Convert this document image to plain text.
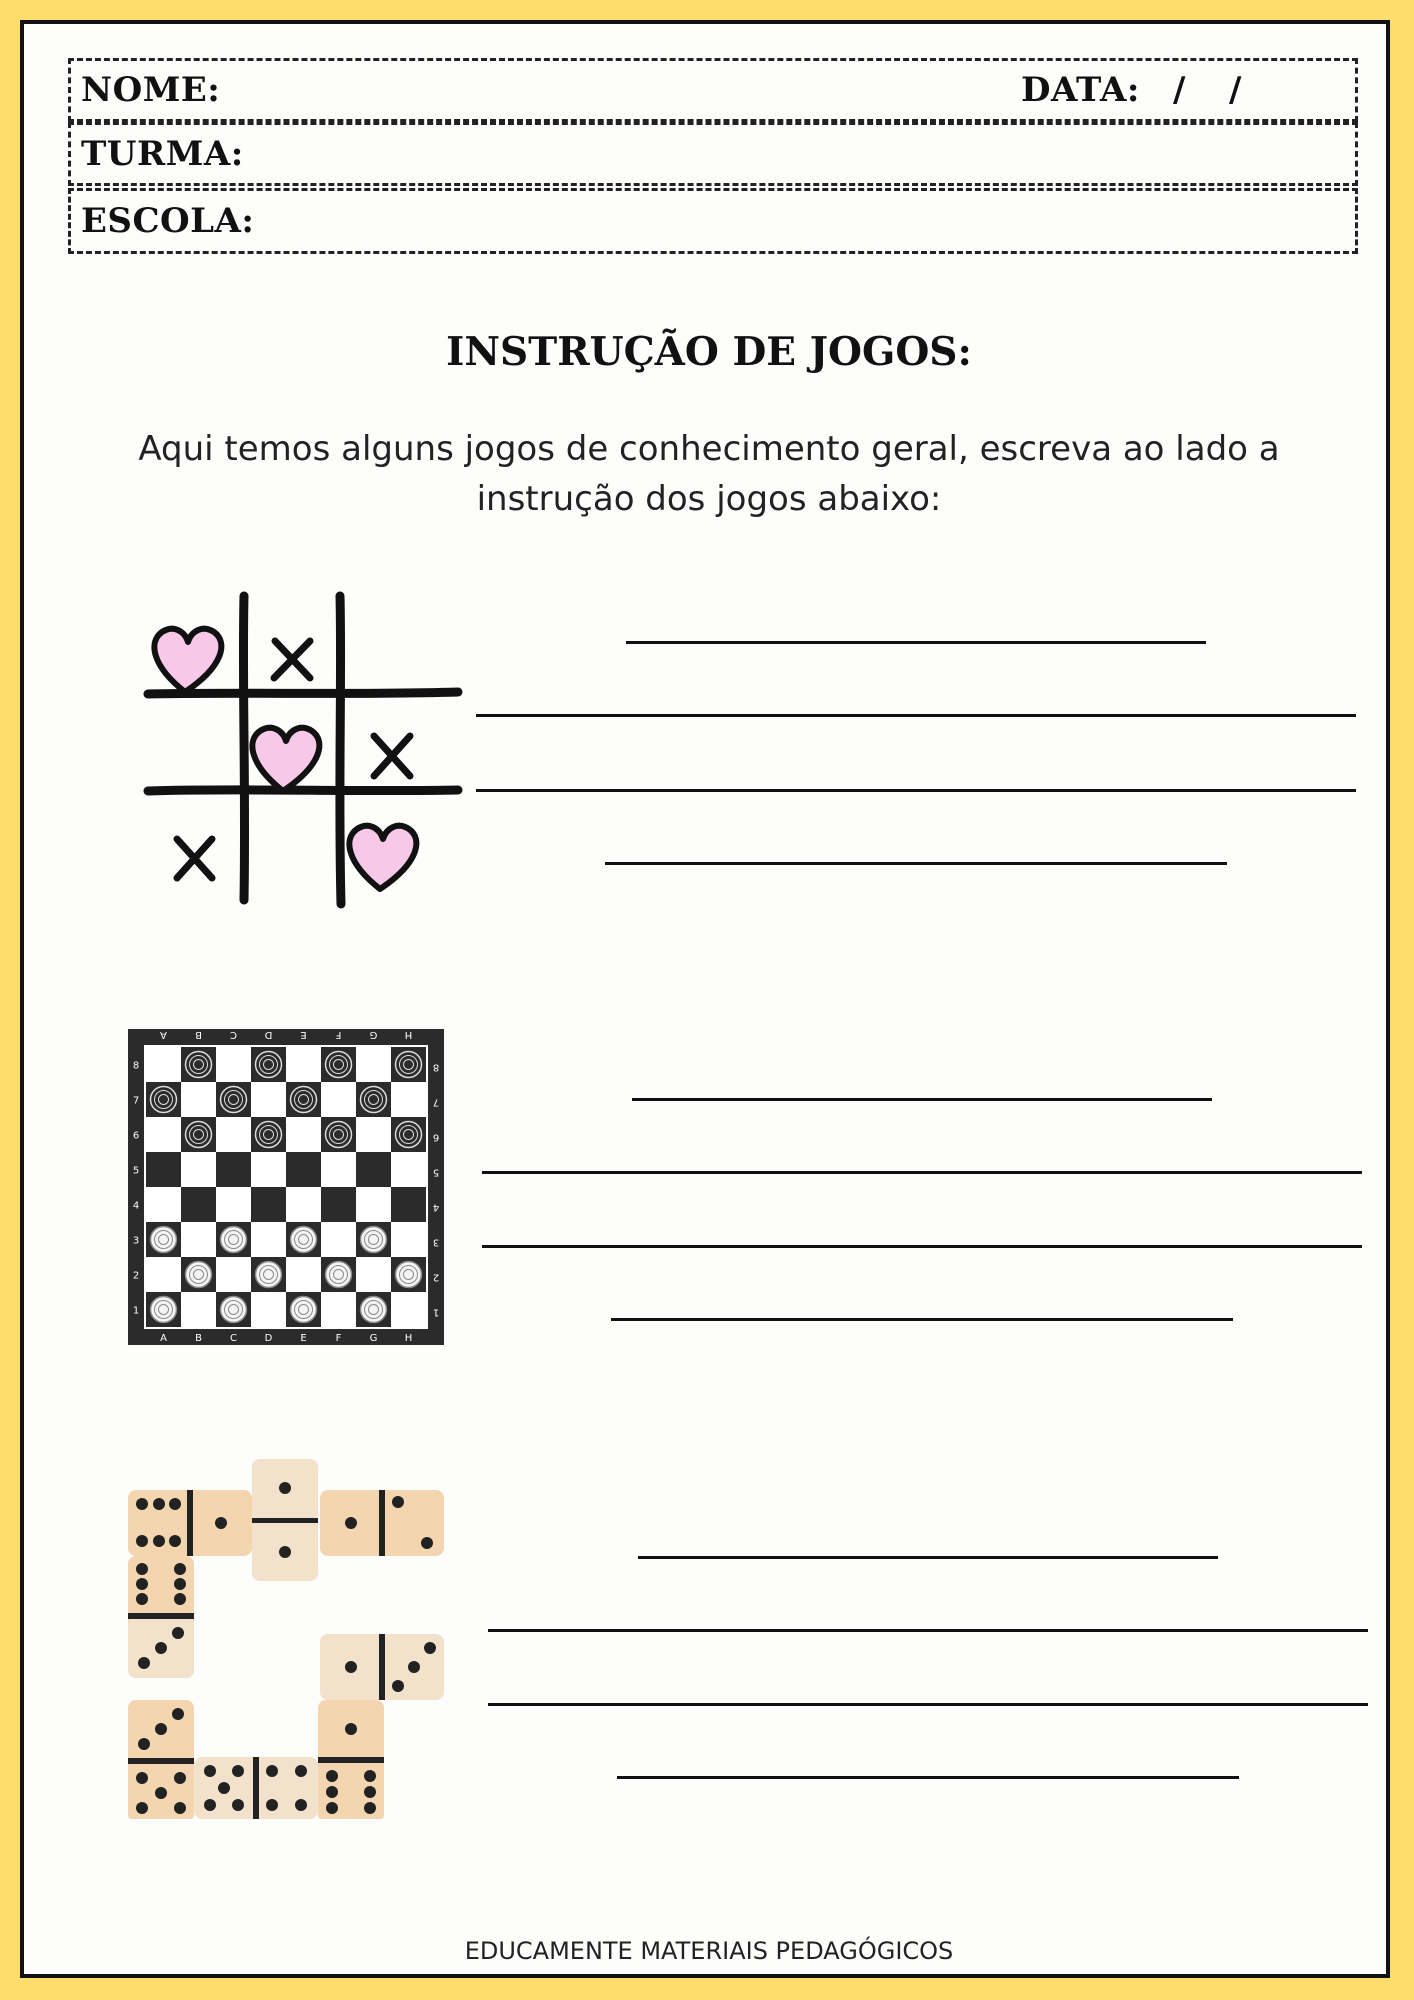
NOME:	DATA: / /
TURMA:
ESCOLA:
INSTRUÇÃO DE JOGOS:
Aqui temos alguns jogos de conhecimento geral, escreva ao lado a
instrução dos jogos abaixo:
A
A
B
B
C
C
D
D
E
E
F
F
G
G
H
H
1	1
2	2
3	3
4	4
5	5
6	6
7	7
8	8
EDUCAMENTE MATERIAIS PEDAGÓGICOS
